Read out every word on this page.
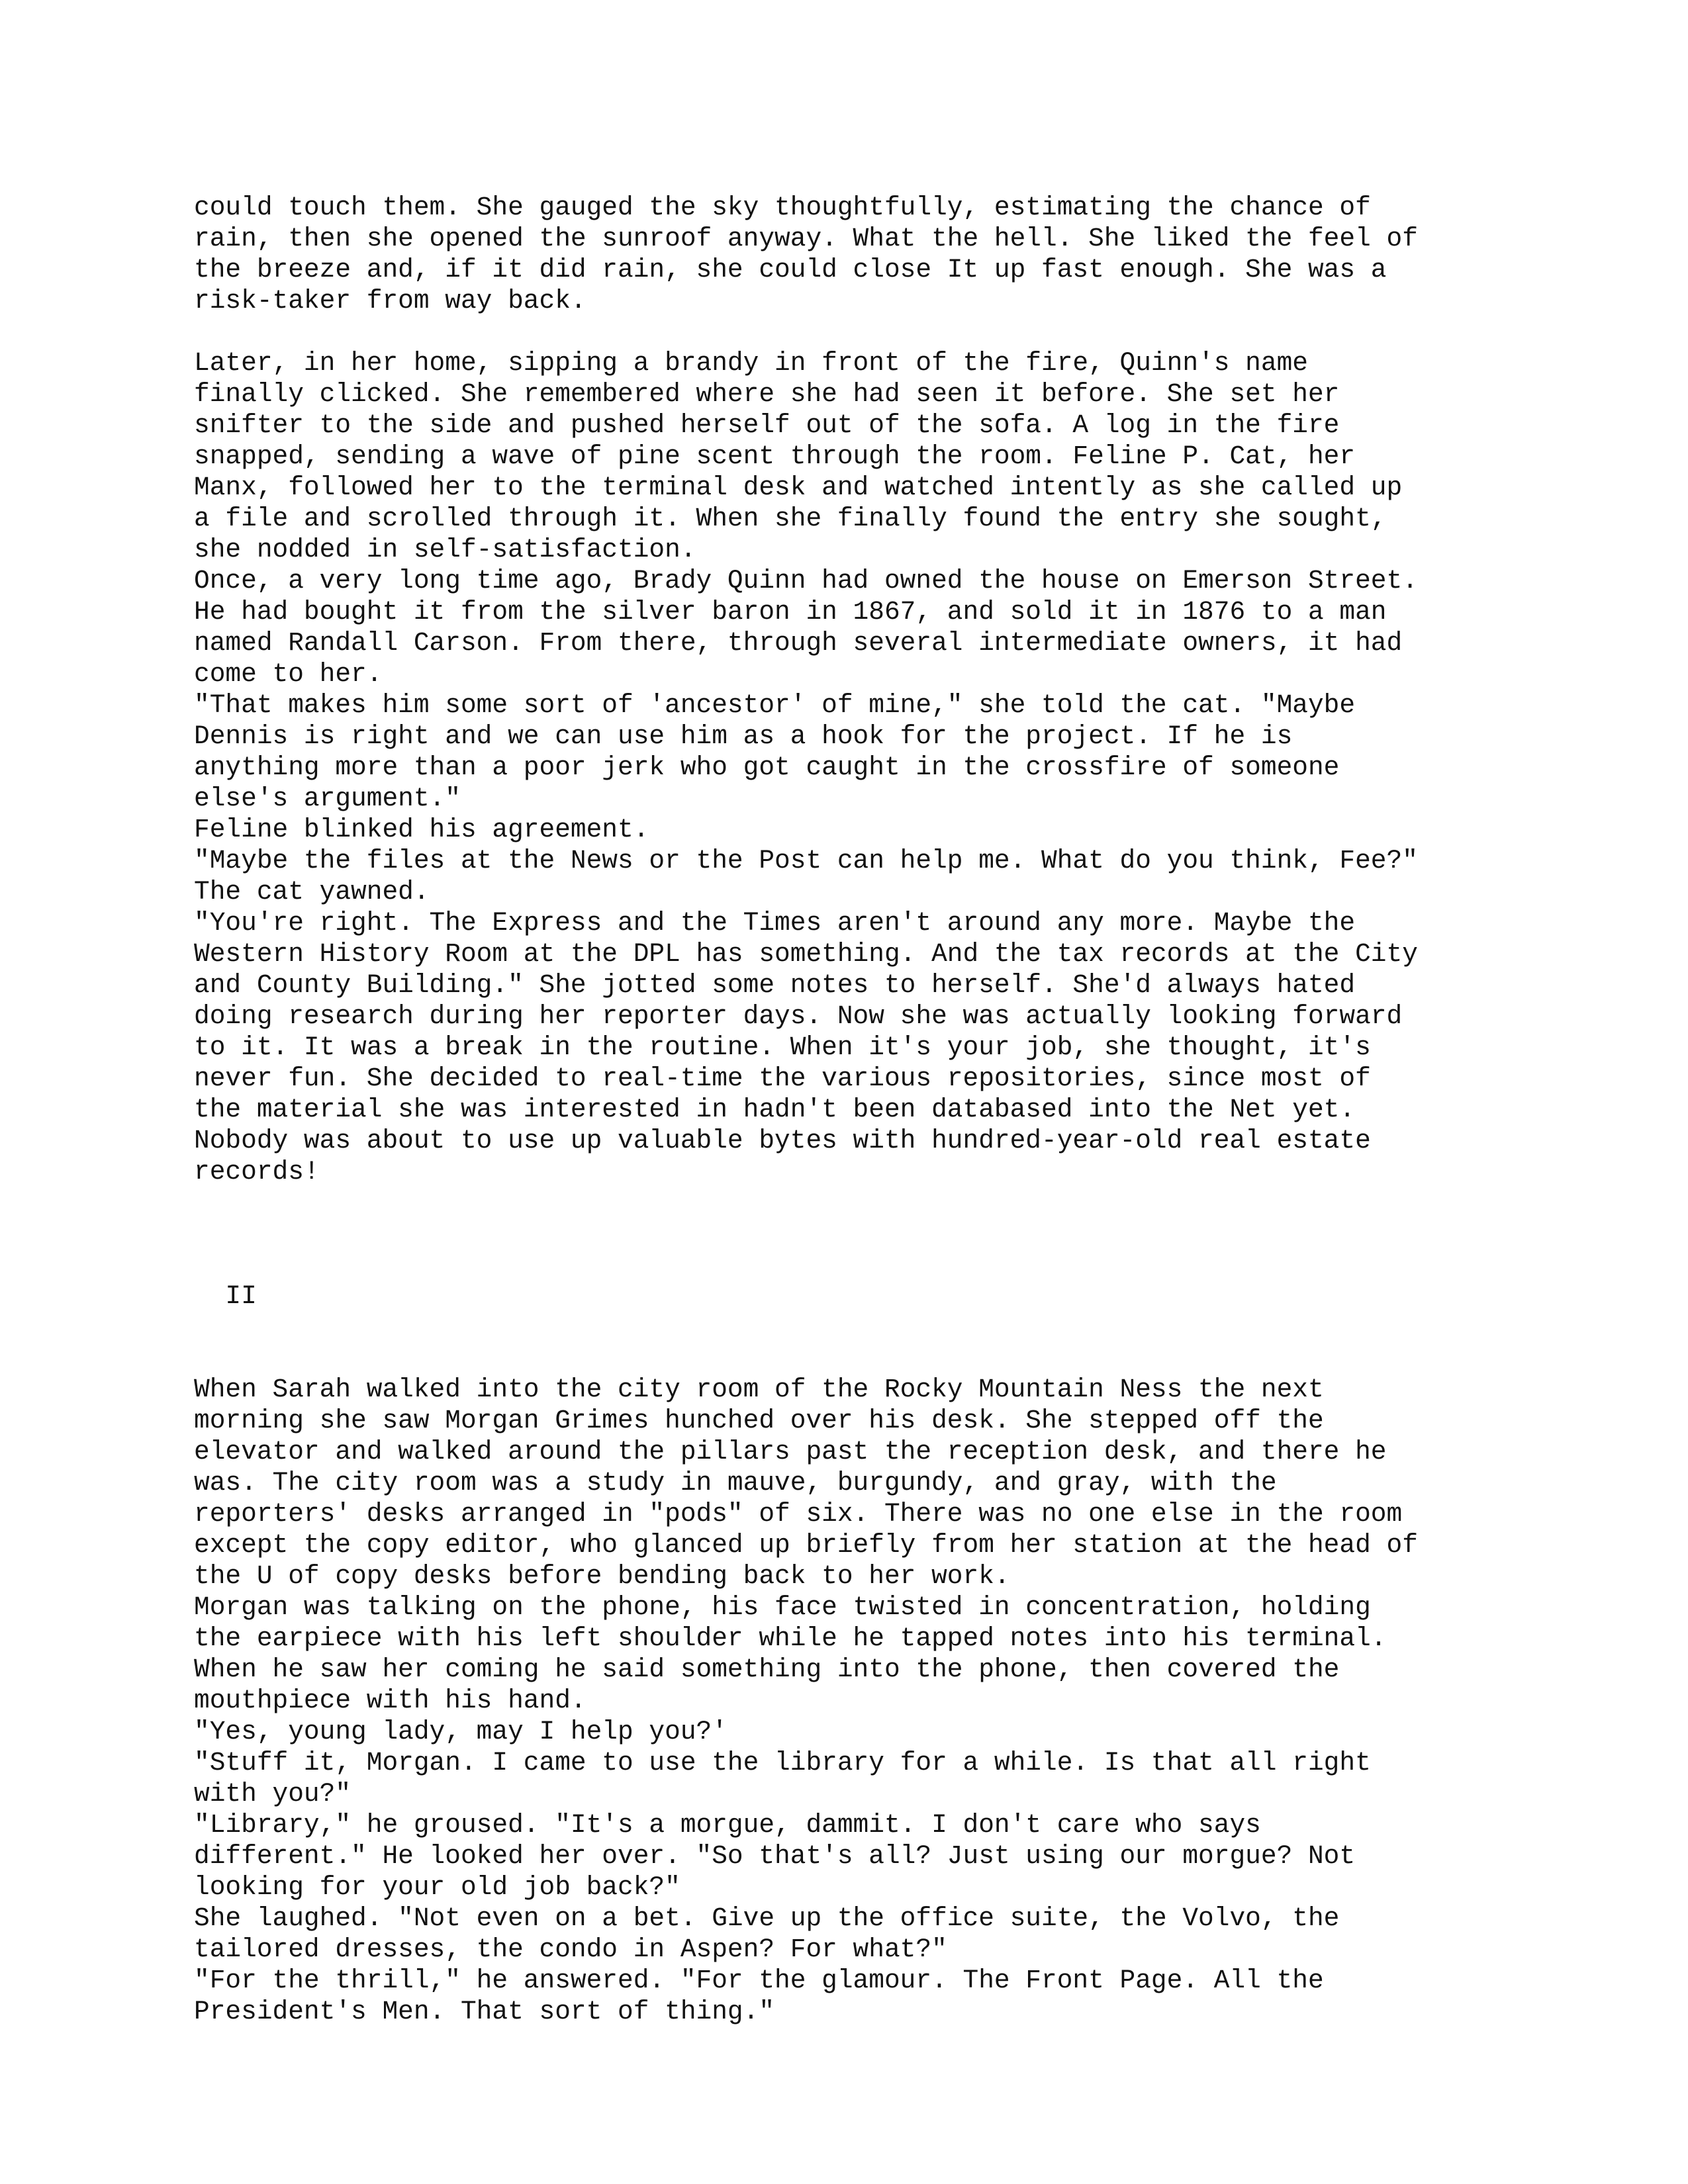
could touch them. She gauged the sky thoughtfully, estimating the chance of
rain, then she opened the sunroof anyway. What the hell. She liked the feel of
the breeze and, if it did rain, she could close It up fast enough. She was a
risk-taker from way back.
Later, in her home, sipping a brandy in front of the fire, Quinn's name
finally clicked. She remembered where she had seen it before. She set her
snifter to the side and pushed herself out of the sofa. A log in the fire
snapped, sending a wave of pine scent through the room. Feline P. Cat, her
Manx, followed her to the terminal desk and watched intently as she called up
a file and scrolled through it. When she finally found the entry she sought,
she nodded in self-satisfaction.
Once, a very long time ago, Brady Quinn had owned the house on Emerson Street.
He had bought it from the silver baron in 1867, and sold it in 1876 to a man
named Randall Carson. From there, through several intermediate owners, it had
come to her.
"That makes him some sort of 'ancestor' of mine," she told the cat. "Maybe
Dennis is right and we can use him as a hook for the project. If he is
anything more than a poor jerk who got caught in the crossfire of someone
else's argument."
Feline blinked his agreement.
"Maybe the files at the News or the Post can help me. What do you think, Fee?"
The cat yawned.
"You're right. The Express and the Times aren't around any more. Maybe the
Western History Room at the DPL has something. And the tax records at the City
and County Building." She jotted some notes to herself. She'd always hated
doing research during her reporter days. Now she was actually looking forward
to it. It was a break in the routine. When it's your job, she thought, it's
never fun. She decided to real-time the various repositories, since most of
the material she was interested in hadn't been databased into the Net yet.
Nobody was about to use up valuable bytes with hundred-year-old real estate
records!
II
When Sarah walked into the city room of the Rocky Mountain Ness the next
morning she saw Morgan Grimes hunched over his desk. She stepped off the
elevator and walked around the pillars past the reception desk, and there he
was. The city room was a study in mauve, burgundy, and gray, with the
reporters' desks arranged in "pods" of six. There was no one else in the room
except the copy editor, who glanced up briefly from her station at the head of
the U of copy desks before bending back to her work.
Morgan was talking on the phone, his face twisted in concentration, holding
the earpiece with his left shoulder while he tapped notes into his terminal.
When he saw her coming he said something into the phone, then covered the
mouthpiece with his hand.
"Yes, young lady, may I help you?'
"Stuff it, Morgan. I came to use the library for a while. Is that all right
with you?"
"Library," he groused. "It's a morgue, dammit. I don't care who says
different." He looked her over. "So that's all? Just using our morgue? Not
looking for your old job back?"
She laughed. "Not even on a bet. Give up the office suite, the Volvo, the
tailored dresses, the condo in Aspen? For what?"
"For the thrill," he answered. "For the glamour. The Front Page. All the
President's Men. That sort of thing."
